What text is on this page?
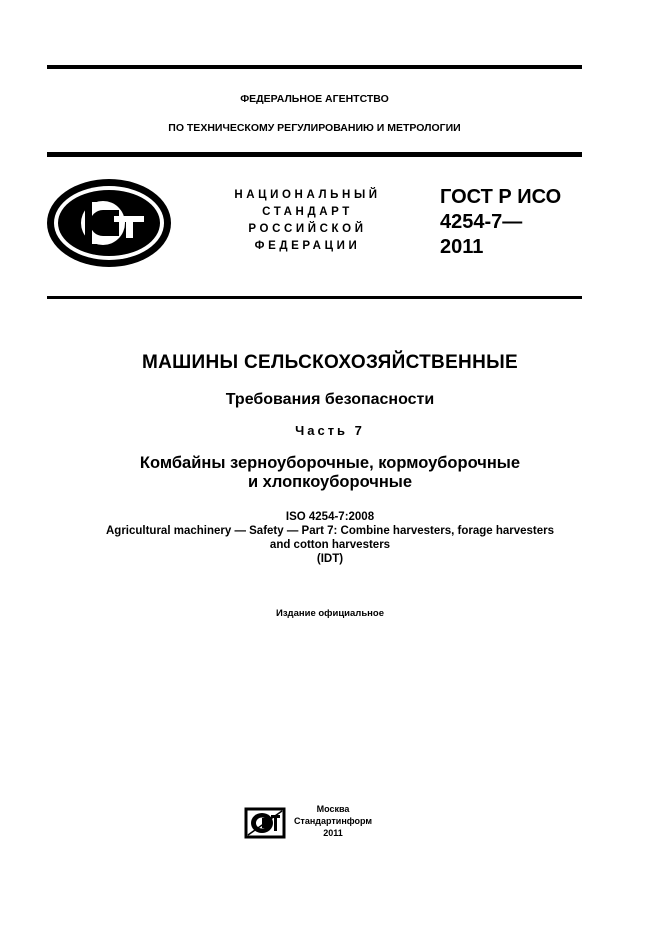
ФЕДЕРАЛЬНОЕ АГЕНТСТВО
ПО ТЕХНИЧЕСКОМУ РЕГУЛИРОВАНИЮ И МЕТРОЛОГИИ
НАЦИОНАЛЬНЫЙ
СТАНДАРТ
РОССИЙСКОЙ
ФЕДЕРАЦИИ
ГОСТ Р ИСО
4254-7—
2011
МАШИНЫ СЕЛЬСКОХОЗЯЙСТВЕННЫЕ
Требования безопасности
Часть 7
Комбайны зерноуборочные, кормоуборочные
и хлопкоуборочные
ISO 4254-7:2008
Agricultural machinery — Safety — Part 7: Combine harvesters, forage harvesters
and cotton harvesters
(IDT)
Издание официальное
Москва
Стандартинформ
2011
